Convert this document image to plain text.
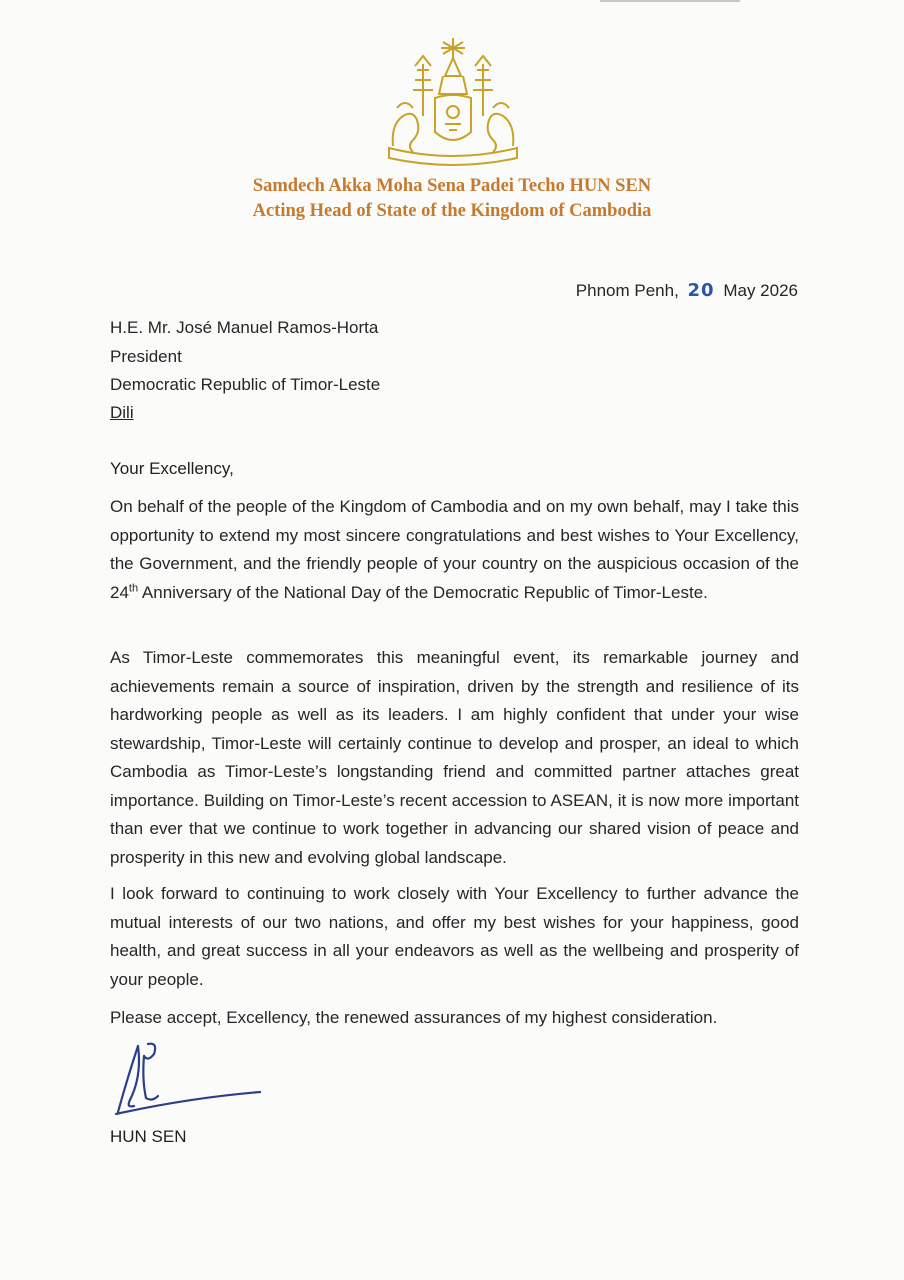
Samdech Akka Moha Sena Padei Techo HUN SEN
Acting Head of State of the Kingdom of Cambodia
Phnom Penh, 20 May 2026
H.E. Mr. José Manuel Ramos-Horta
President
Democratic Republic of Timor-Leste
Dili
Your Excellency,
On behalf of the people of the Kingdom of Cambodia and on my own behalf, may I take this opportunity to extend my most sincere congratulations and best wishes to Your Excellency, the Government, and the friendly people of your country on the auspicious occasion of the 24th Anniversary of the National Day of the Democratic Republic of Timor-Leste.
As Timor-Leste commemorates this meaningful event, its remarkable journey and achievements remain a source of inspiration, driven by the strength and resilience of its hardworking people as well as its leaders. I am highly confident that under your wise stewardship, Timor-Leste will certainly continue to develop and prosper, an ideal to which Cambodia as Timor-Leste’s longstanding friend and committed partner attaches great importance. Building on Timor-Leste’s recent accession to ASEAN, it is now more important than ever that we continue to work together in advancing our shared vision of peace and prosperity in this new and evolving global landscape.
I look forward to continuing to work closely with Your Excellency to further advance the mutual interests of our two nations, and offer my best wishes for your happiness, good health, and great success in all your endeavors as well as the wellbeing and prosperity of your people.
Please accept, Excellency, the renewed assurances of my highest consideration.
HUN SEN
